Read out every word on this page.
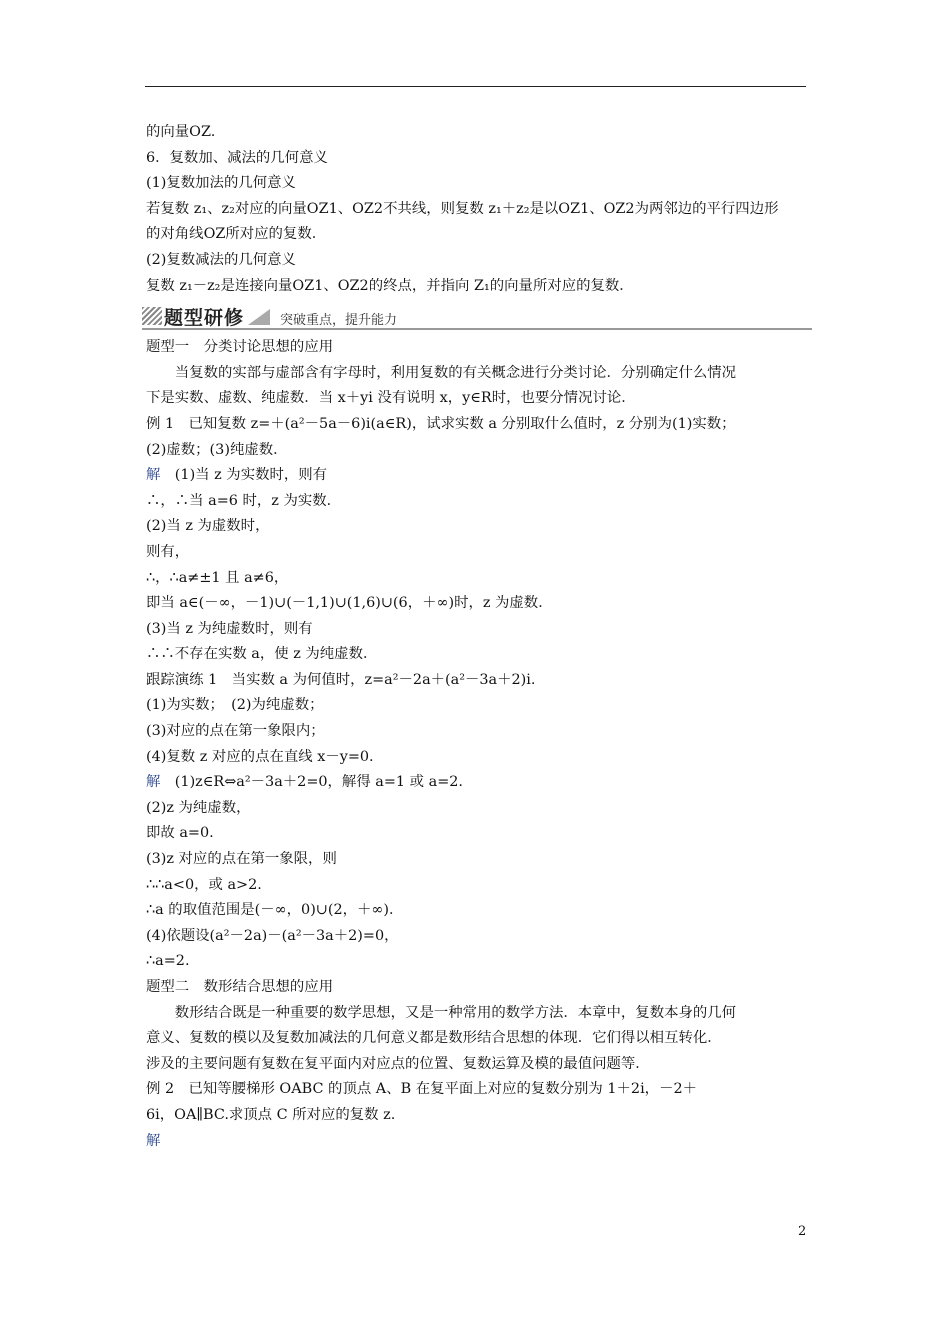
的向量OZ.
6．复数加、减法的几何意义
(1)复数加法的几何意义
若复数 z₁、z₂对应的向量OZ1、OZ2不共线，则复数 z₁＋z₂是以OZ1、OZ2为两邻边的平行四边形
的对角线OZ所对应的复数．
(2)复数减法的几何意义
复数 z₁－z₂是连接向量OZ1、OZ2的终点，并指向 Z₁的向量所对应的复数．
题型研修	突破重点，提升能力
题型一　分类讨论思想的应用
当复数的实部与虚部含有字母时，利用复数的有关概念进行分类讨论．分别确定什么情况
下是实数、虚数、纯虚数．当 x＋yi 没有说明 x，y∈R时，也要分情况讨论．
例 1　已知复数 z=＋(a²－5a－6)i(a∈R)，试求实数 a 分别取什么值时，z 分别为(1)实数；
(2)虚数；(3)纯虚数．
解　(1)当 z 为实数时，则有
∴，∴当 a=6 时，z 为实数．
(2)当 z 为虚数时，
则有，
∴，∴a≠±1 且 a≠6，
即当 a∈(－∞，－1)∪(－1,1)∪(1,6)∪(6，＋∞)时，z 为虚数．
(3)当 z 为纯虚数时，则有
∴∴不存在实数 a，使 z 为纯虚数．
跟踪演练 1　当实数 a 为何值时，z=a²－2a＋(a²－3a＋2)i.
(1)为实数；　(2)为纯虚数；
(3)对应的点在第一象限内；
(4)复数 z 对应的点在直线 x－y=0.
解　(1)z∈R⇔a²－3a＋2=0，解得 a=1 或 a=2.
(2)z 为纯虚数，
即故 a=0.
(3)z 对应的点在第一象限，则
∴∴a<0，或 a>2.
∴a 的取值范围是(－∞，0)∪(2，＋∞)．
(4)依题设(a²－2a)－(a²－3a＋2)=0，
∴a=2.
题型二　数形结合思想的应用
数形结合既是一种重要的数学思想，又是一种常用的数学方法．本章中，复数本身的几何
意义、复数的模以及复数加减法的几何意义都是数形结合思想的体现．它们得以相互转化．
涉及的主要问题有复数在复平面内对应点的位置、复数运算及模的最值问题等．
例 2　已知等腰梯形 OABC 的顶点 A、B 在复平面上对应的复数分别为 1＋2i，－2＋
6i，OA∥BC.求顶点 C 所对应的复数 z.
解
2
